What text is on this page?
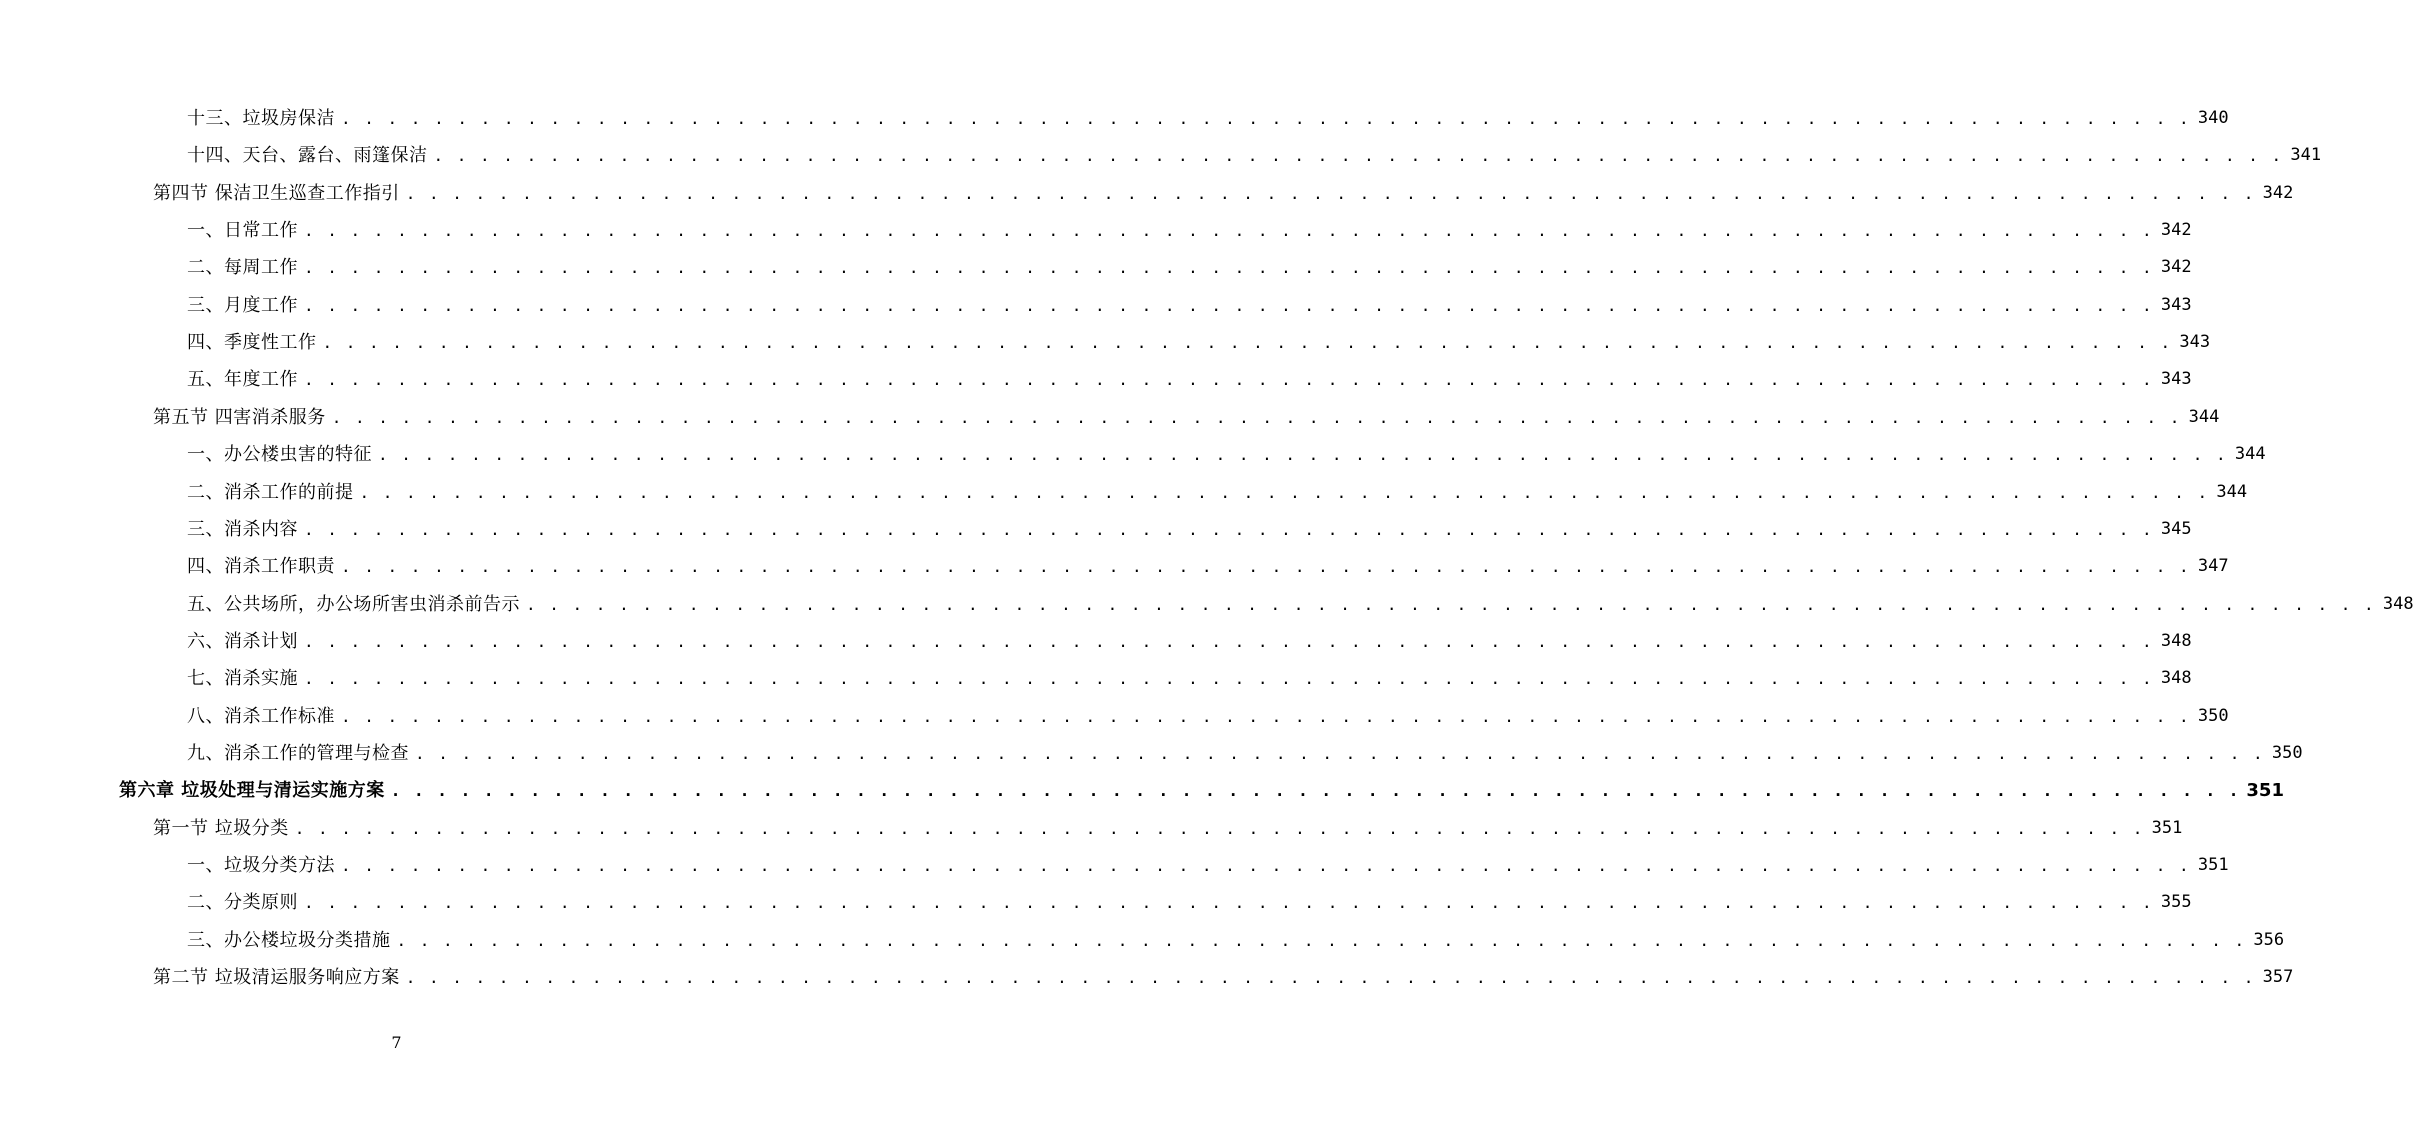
十三、垃圾房保洁 . . . . . . . . . . . . . . . . . . . . . . . . . . . . . . . . . . . . . . . . . . . . . . . . . . . . . . . . . . . . . . . . . . . . . . . . . . . . . . . . 340
十四、天台、露台、雨篷保洁 . . . . . . . . . . . . . . . . . . . . . . . . . . . . . . . . . . . . . . . . . . . . . . . . . . . . . . . . . . . . . . . . . . . . . . . . . . . . . . . . 341
第四节 保洁卫生巡查工作指引 . . . . . . . . . . . . . . . . . . . . . . . . . . . . . . . . . . . . . . . . . . . . . . . . . . . . . . . . . . . . . . . . . . . . . . . . . . . . . . . . 342
一、日常工作 . . . . . . . . . . . . . . . . . . . . . . . . . . . . . . . . . . . . . . . . . . . . . . . . . . . . . . . . . . . . . . . . . . . . . . . . . . . . . . . . 342
二、每周工作 . . . . . . . . . . . . . . . . . . . . . . . . . . . . . . . . . . . . . . . . . . . . . . . . . . . . . . . . . . . . . . . . . . . . . . . . . . . . . . . . 342
三、月度工作 . . . . . . . . . . . . . . . . . . . . . . . . . . . . . . . . . . . . . . . . . . . . . . . . . . . . . . . . . . . . . . . . . . . . . . . . . . . . . . . . 343
四、季度性工作 . . . . . . . . . . . . . . . . . . . . . . . . . . . . . . . . . . . . . . . . . . . . . . . . . . . . . . . . . . . . . . . . . . . . . . . . . . . . . . . . 343
五、年度工作 . . . . . . . . . . . . . . . . . . . . . . . . . . . . . . . . . . . . . . . . . . . . . . . . . . . . . . . . . . . . . . . . . . . . . . . . . . . . . . . . 343
第五节 四害消杀服务 . . . . . . . . . . . . . . . . . . . . . . . . . . . . . . . . . . . . . . . . . . . . . . . . . . . . . . . . . . . . . . . . . . . . . . . . . . . . . . . . 344
一、办公楼虫害的特征 . . . . . . . . . . . . . . . . . . . . . . . . . . . . . . . . . . . . . . . . . . . . . . . . . . . . . . . . . . . . . . . . . . . . . . . . . . . . . . . . 344
二、消杀工作的前提 . . . . . . . . . . . . . . . . . . . . . . . . . . . . . . . . . . . . . . . . . . . . . . . . . . . . . . . . . . . . . . . . . . . . . . . . . . . . . . . . 344
三、消杀内容 . . . . . . . . . . . . . . . . . . . . . . . . . . . . . . . . . . . . . . . . . . . . . . . . . . . . . . . . . . . . . . . . . . . . . . . . . . . . . . . . 345
四、消杀工作职责 . . . . . . . . . . . . . . . . . . . . . . . . . . . . . . . . . . . . . . . . . . . . . . . . . . . . . . . . . . . . . . . . . . . . . . . . . . . . . . . . 347
五、公共场所，办公场所害虫消杀前告示 . . . . . . . . . . . . . . . . . . . . . . . . . . . . . . . . . . . . . . . . . . . . . . . . . . . . . . . . . . . . . . . . . . . . . . . . . . . . . . . . 348
六、消杀计划 . . . . . . . . . . . . . . . . . . . . . . . . . . . . . . . . . . . . . . . . . . . . . . . . . . . . . . . . . . . . . . . . . . . . . . . . . . . . . . . . 348
七、消杀实施 . . . . . . . . . . . . . . . . . . . . . . . . . . . . . . . . . . . . . . . . . . . . . . . . . . . . . . . . . . . . . . . . . . . . . . . . . . . . . . . . 348
八、消杀工作标准 . . . . . . . . . . . . . . . . . . . . . . . . . . . . . . . . . . . . . . . . . . . . . . . . . . . . . . . . . . . . . . . . . . . . . . . . . . . . . . . . 350
九、消杀工作的管理与检查 . . . . . . . . . . . . . . . . . . . . . . . . . . . . . . . . . . . . . . . . . . . . . . . . . . . . . . . . . . . . . . . . . . . . . . . . . . . . . . . . 350
第六章 垃圾处理与清运实施方案 . . . . . . . . . . . . . . . . . . . . . . . . . . . . . . . . . . . . . . . . . . . . . . . . . . . . . . . . . . . . . . . . . . . . . . . . . . . . . . . . 351
第一节 垃圾分类 . . . . . . . . . . . . . . . . . . . . . . . . . . . . . . . . . . . . . . . . . . . . . . . . . . . . . . . . . . . . . . . . . . . . . . . . . . . . . . . . 351
一、垃圾分类方法 . . . . . . . . . . . . . . . . . . . . . . . . . . . . . . . . . . . . . . . . . . . . . . . . . . . . . . . . . . . . . . . . . . . . . . . . . . . . . . . . 351
二、分类原则 . . . . . . . . . . . . . . . . . . . . . . . . . . . . . . . . . . . . . . . . . . . . . . . . . . . . . . . . . . . . . . . . . . . . . . . . . . . . . . . . 355
三、办公楼垃圾分类措施 . . . . . . . . . . . . . . . . . . . . . . . . . . . . . . . . . . . . . . . . . . . . . . . . . . . . . . . . . . . . . . . . . . . . . . . . . . . . . . . . 356
第二节 垃圾清运服务响应方案 . . . . . . . . . . . . . . . . . . . . . . . . . . . . . . . . . . . . . . . . . . . . . . . . . . . . . . . . . . . . . . . . . . . . . . . . . . . . . . . . 357
7
